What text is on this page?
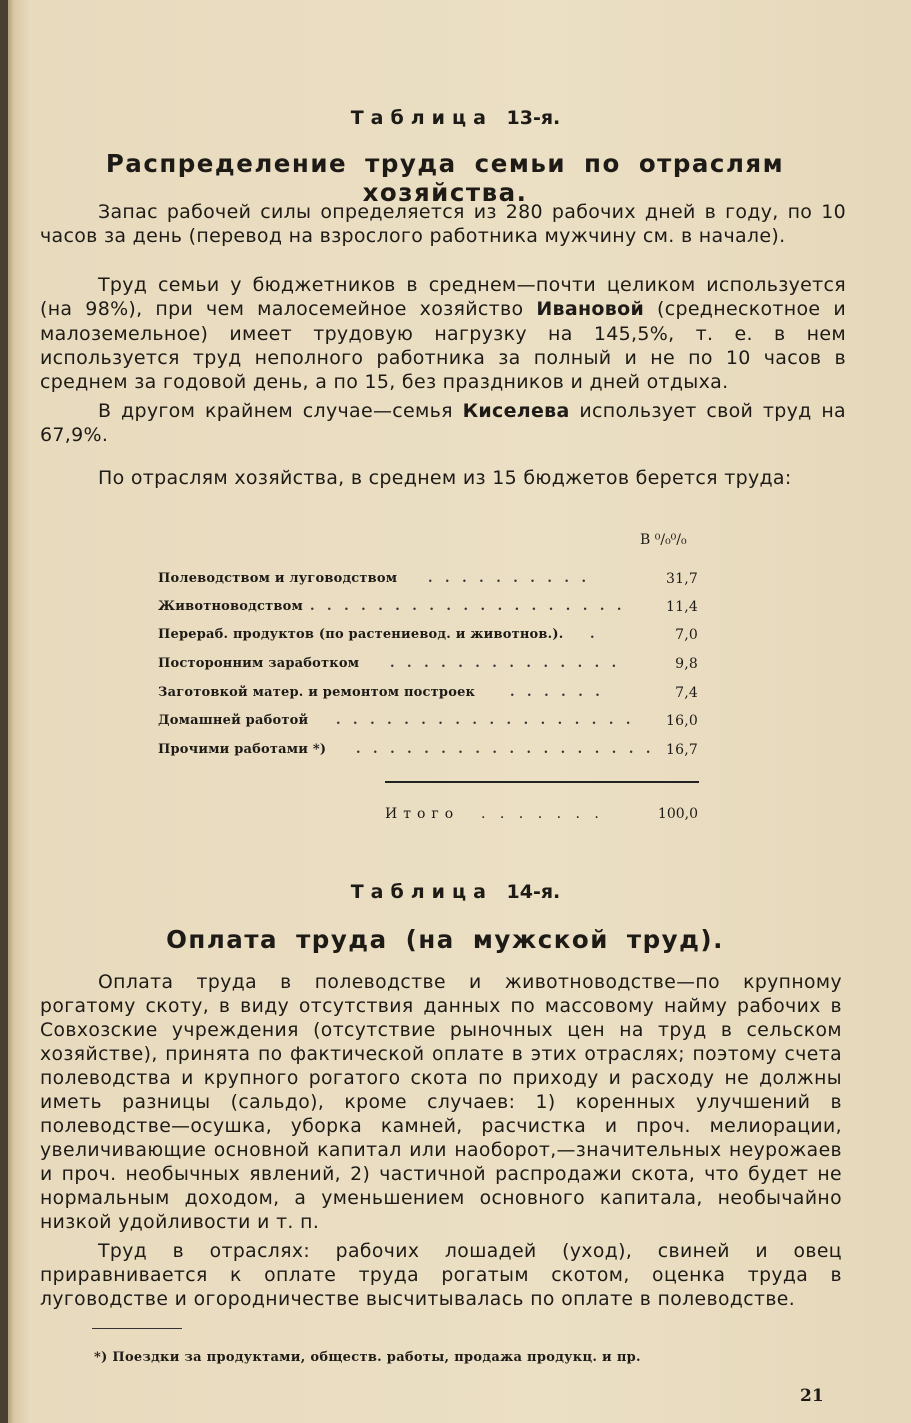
Таблица 13-я.
Распределение труда семьи по отраслям хозяйства.

Запас рабочей силы определяется из 280 рабочих дней в году, по 10 часов за день (перевод на взрослого работника мужчину см. в начале).

Труд семьи у бюджетников в среднем—почти целиком используется (на 98%), при чем малосемейное хозяйство Ивановой (среднескотное и малоземельное) имеет трудовую нагрузку на 145,5%, т. е. в нем используется труд неполного работника за полный и не по 10 часов в среднем за годовой день, а по 15, без праздников и дней отдыха.

В другом крайнем случае—семья Киселева использует свой труд на 67,9%.

По отраслям хозяйства, в среднем из 15 бюджетов берется труда:

В ⁰/₀⁰/₀
Полеводством и луговодством . . . . . . . . . .	31,7
Животноводством . . . . . . . . . . . . . . . . . . .	11,4
Перераб. продуктов (по растениевод. и животнов.). .	7,0
Посторонним заработком . . . . . . . . . . . . . .	9,8
Заготовкой матер. и ремонтом построек	. . . . . .	7,4
Домашней работой . . . . . . . . . . . . . . . . . . 16,0
Прочими работами *) . . . . . . . . . . . . . . . . . . 16,7
Итого . . . . . . .	100,0
Таблица 14-я.
Оплата труда (на мужской труд).

Оплата труда в полеводстве и животноводстве—по крупному рогатому скоту, в виду отсутствия данных по массовому найму рабочих в Совхозские учреждения (отсутствие рыночных цен на труд в сельском хозяйстве), принята по фактической оплате в этих отраслях; поэтому счета полеводства и крупного рогатого скота по приходу и расходу не должны иметь разницы (сальдо), кроме случаев: 1) коренных улучшений в полеводстве—осушка, уборка камней, расчистка и проч. мелиорации, увеличивающие основной капитал или наоборот,—значительных неурожаев и проч. необычных явлений, 2) частичной распродажи скота, что будет не нормальным доходом, а уменьшением основного капитала, необычайно низкой удойливости и т. п.

Труд в отраслях: рабочих лошадей (уход), свиней и овец приравнивается к оплате труда рогатым скотом, оценка труда в луговодстве и огородничестве высчитывалась по оплате в полеводстве.

*) Поездки за продуктами, обществ. работы, продажа продукц. и пр.
21
